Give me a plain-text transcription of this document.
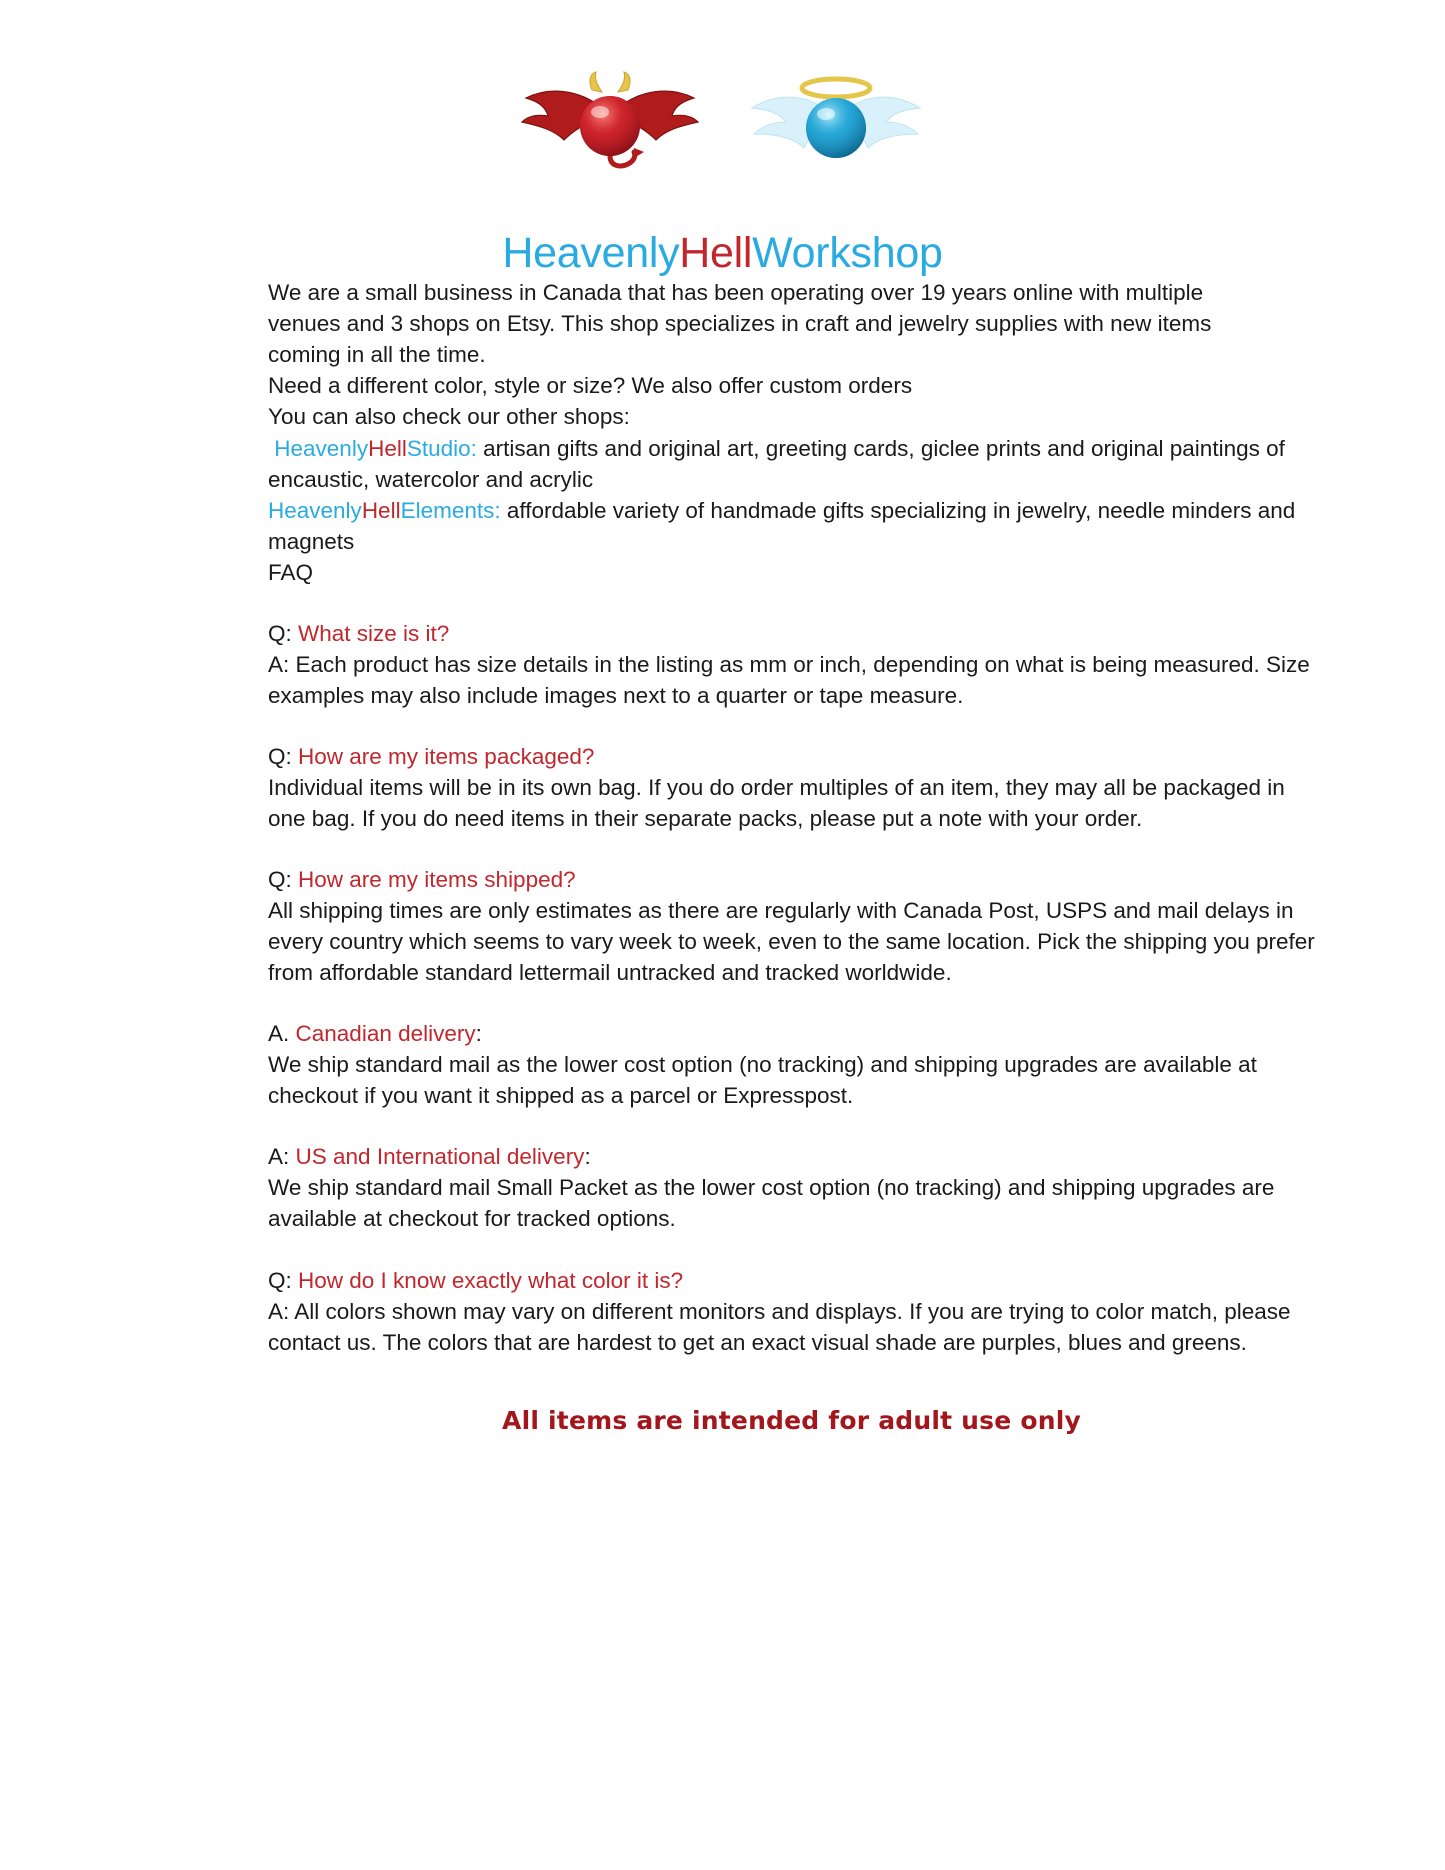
HeavenlyHellWorkshop

We are a small business in Canada that has been operating over 19 years online with multiple venues and 3 shops on Etsy. This shop specializes in craft and jewelry supplies with new items coming in all the time.

Need a different color, style or size? We also offer custom orders

You can also check our other shops:
HeavenlyHellStudio: artisan gifts and original art, greeting cards, giclee prints and original paintings of encaustic, watercolor and acrylic
HeavenlyHellElements: affordable variety of handmade gifts specializing in jewelry, needle minders and magnets
FAQ

Q: What size is it?

A: Each product has size details in the listing as mm or inch, depending on what is being measured. Size examples may also include images next to a quarter or tape measure.

Q: How are my items packaged?

Individual items will be in its own bag. If you do order multiples of an item, they may all be packaged in one bag. If you do need items in their separate packs, please put a note with your order.

Q: How are my items shipped?

All shipping times are only estimates as there are regularly with Canada Post, USPS and mail delays in every country which seems to vary week to week, even to the same location. Pick the shipping you prefer from affordable standard lettermail untracked and tracked worldwide.

A. Canadian delivery:

We ship standard mail as the lower cost option (no tracking) and shipping upgrades are available at checkout if you want it shipped as a parcel or Expresspost.

A: US and International delivery:

We ship standard mail Small Packet as the lower cost option (no tracking) and shipping upgrades are available at checkout for tracked options.

Q: How do I know exactly what color it is?

A: All colors shown may vary on different monitors and displays. If you are trying to color match, please contact us. The colors that are hardest to get an exact visual shade are purples, blues and greens.

All items are intended for adult use only
